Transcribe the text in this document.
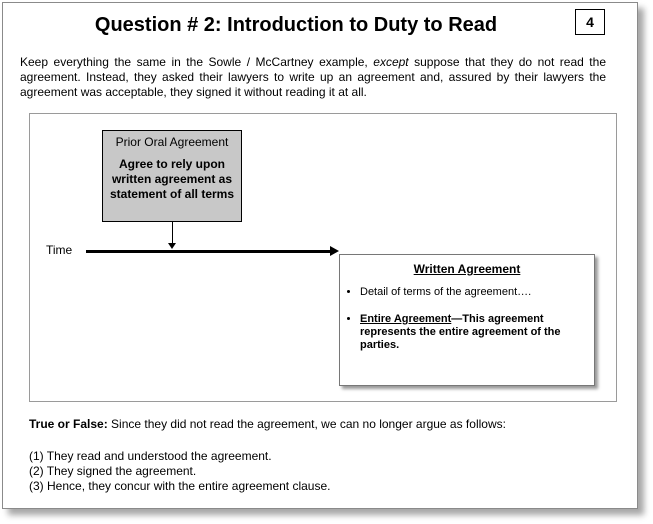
Question # 2: Introduction to Duty to Read	4
Keep everything the same in the Sowle / McCartney example, except suppose that they do not read the agreement. Instead, they asked their lawyers to write up an agreement and, assured by their lawyers the agreement was acceptable, they signed it without reading it at all.
Prior Oral Agreement
Agree to rely upon written agreement as statement of all terms
Time
Written Agreement
• Detail of terms of the agreement….
• Entire Agreement—This agreement represents the entire agreement of the parties.
True or False: Since they did not read the agreement, we can no longer argue as follows:
(1) They read and understood the agreement.
(2) They signed the agreement.
(3) Hence, they concur with the entire agreement clause.
